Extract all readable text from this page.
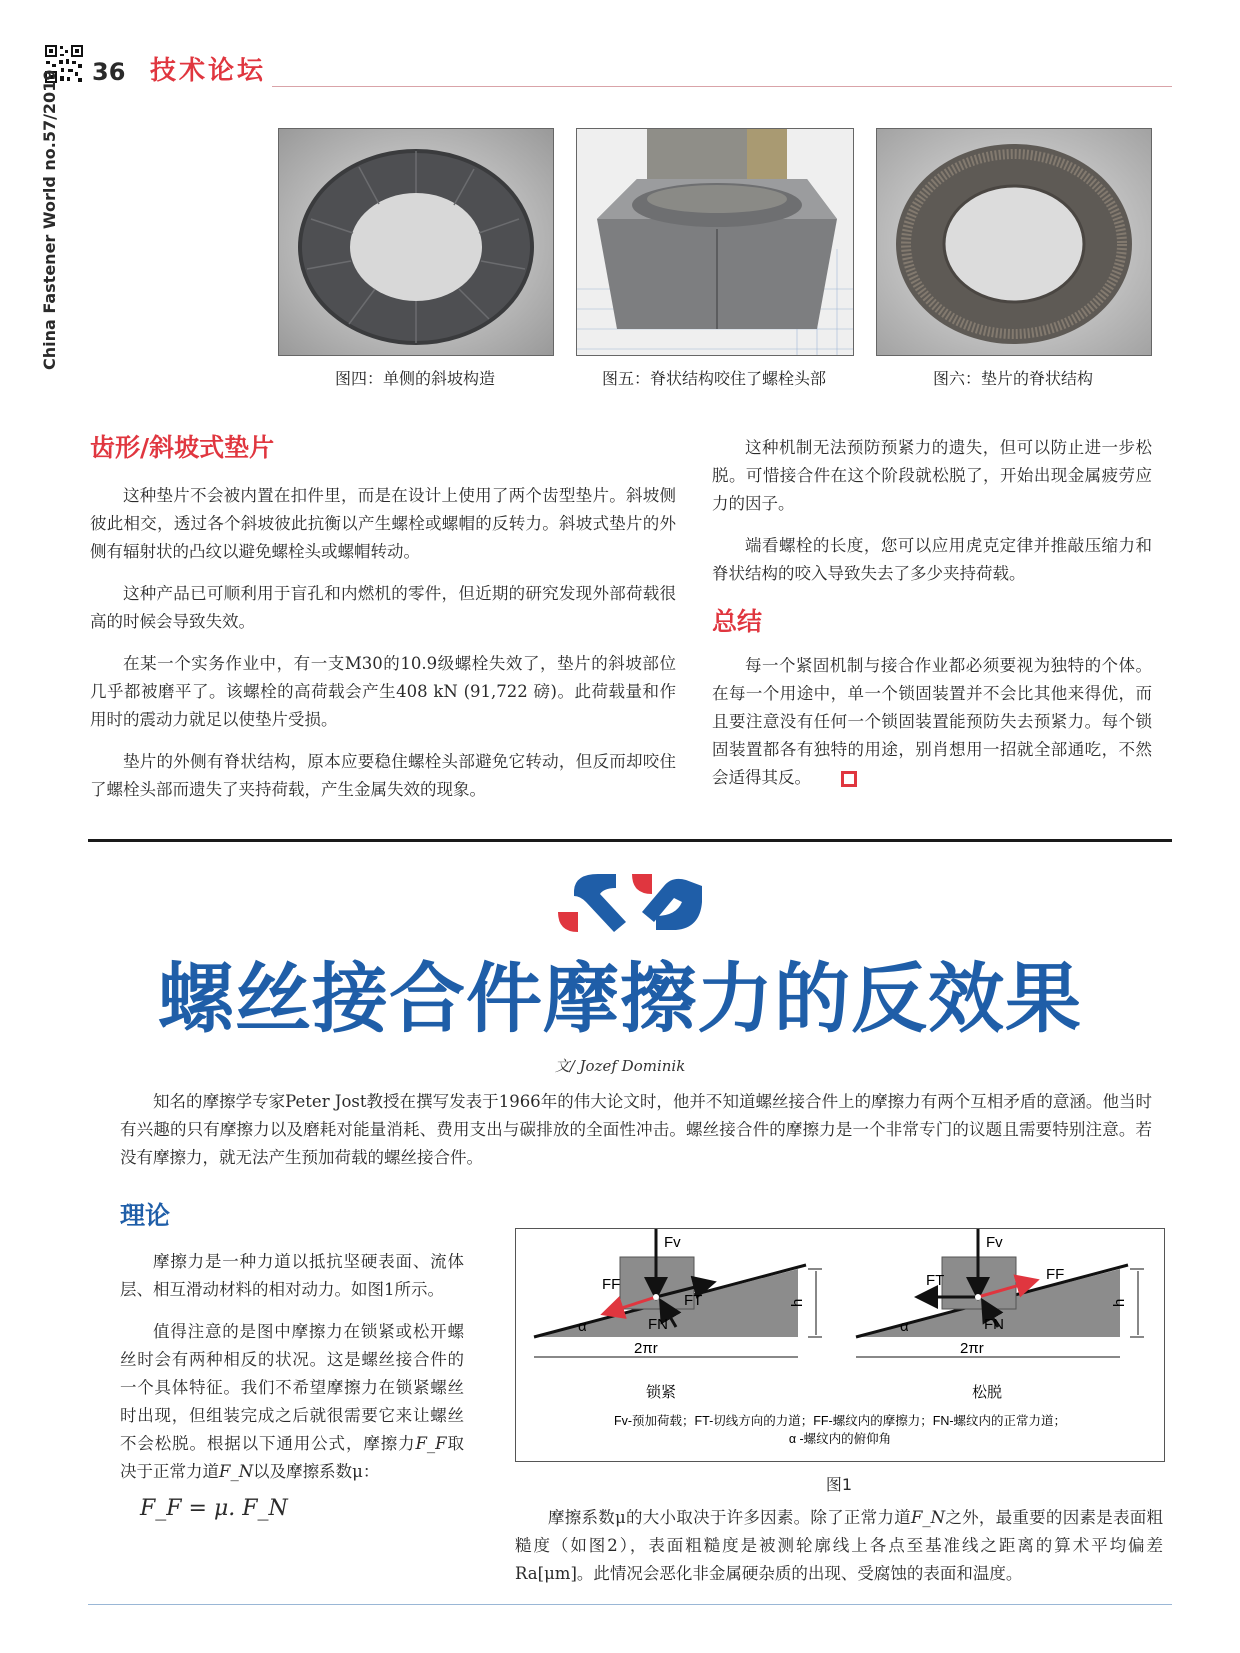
36 技术论坛
China Fastener World no.57/2019
图四：单侧的斜坡构造	图五：脊状结构咬住了螺栓头部	图六：垫片的脊状结构
齿形/斜坡式垫片

这种垫片不会被内置在扣件里，而是在设计上使用了两个齿型垫片。斜坡侧彼此相交，透过各个斜坡彼此抗衡以产生螺栓或螺帽的反转力。斜坡式垫片的外侧有辐射状的凸纹以避免螺栓头或螺帽转动。

这种产品已可顺利用于盲孔和内燃机的零件，但近期的研究发现外部荷载很高的时候会导致失效。

在某一个实务作业中，有一支M30的10.9级螺栓失效了，垫片的斜坡部位几乎都被磨平了。该螺栓的高荷载会产生408 kN (91,722 磅)。此荷载量和作用时的震动力就足以使垫片受损。

垫片的外侧有脊状结构，原本应要稳住螺栓头部避免它转动，但反而却咬住了螺栓头部而遗失了夹持荷载，产生金属失效的现象。

这种机制无法预防预紧力的遗失，但可以防止进一步松脱。可惜接合件在这个阶段就松脱了，开始出现金属疲劳应力的因子。

端看螺栓的长度，您可以应用虎克定律并推敲压缩力和脊状结构的咬入导致失去了多少夹持荷载。

总结

每一个紧固机制与接合作业都必须要视为独特的个体。在每一个用途中，单一个锁固装置并不会比其他来得优，而且要注意没有任何一个锁固装置能预防失去预紧力。每个锁固装置都各有独特的用途，别肖想用一招就全部通吃，不然会适得其反。

螺丝接合件摩擦力的反效果
文/ Jozef Dominik

知名的摩擦学专家Peter Jost教授在撰写发表于1966年的伟大论文时，他并不知道螺丝接合件上的摩擦力有两个互相矛盾的意涵。他当时有兴趣的只有摩擦力以及磨耗对能量消耗、费用支出与碳排放的全面性冲击。螺丝接合件的摩擦力是一个非常专门的议题且需要特别注意。若没有摩擦力，就无法产生预加荷载的螺丝接合件。

理论

摩擦力是一种力道以抵抗坚硬表面、流体层、相互滑动材料的相对动力。如图1所示。

值得注意的是图中摩擦力在锁紧或松开螺丝时会有两种相反的状况。这是螺丝接合件的一个具体特征。我们不希望摩擦力在锁紧螺丝时出现，但组装完成之后就很需要它来让螺丝不会松脱。根据以下通用公式，摩擦力F_F取决于正常力道F_N以及摩擦系数μ：

F_F = μ. F_N
Fv
FF
FT
FN
α
h
2πr
锁紧
Fv
FF
FT
FN
α
h
2πr
松脱
Fv-预加荷载；FT-切线方向的力道；FF-螺纹内的摩擦力；FN-螺纹内的正常力道；
α -螺纹内的俯仰角
图1

摩擦系数μ的大小取决于许多因素。除了正常力道F_N之外，最重要的因素是表面粗糙度（如图2），表面粗糙度是被测轮廓线上各点至基准线之距离的算术平均偏差Ra[μm]。此情况会恶化非金属硬杂质的出现、受腐蚀的表面和温度。
